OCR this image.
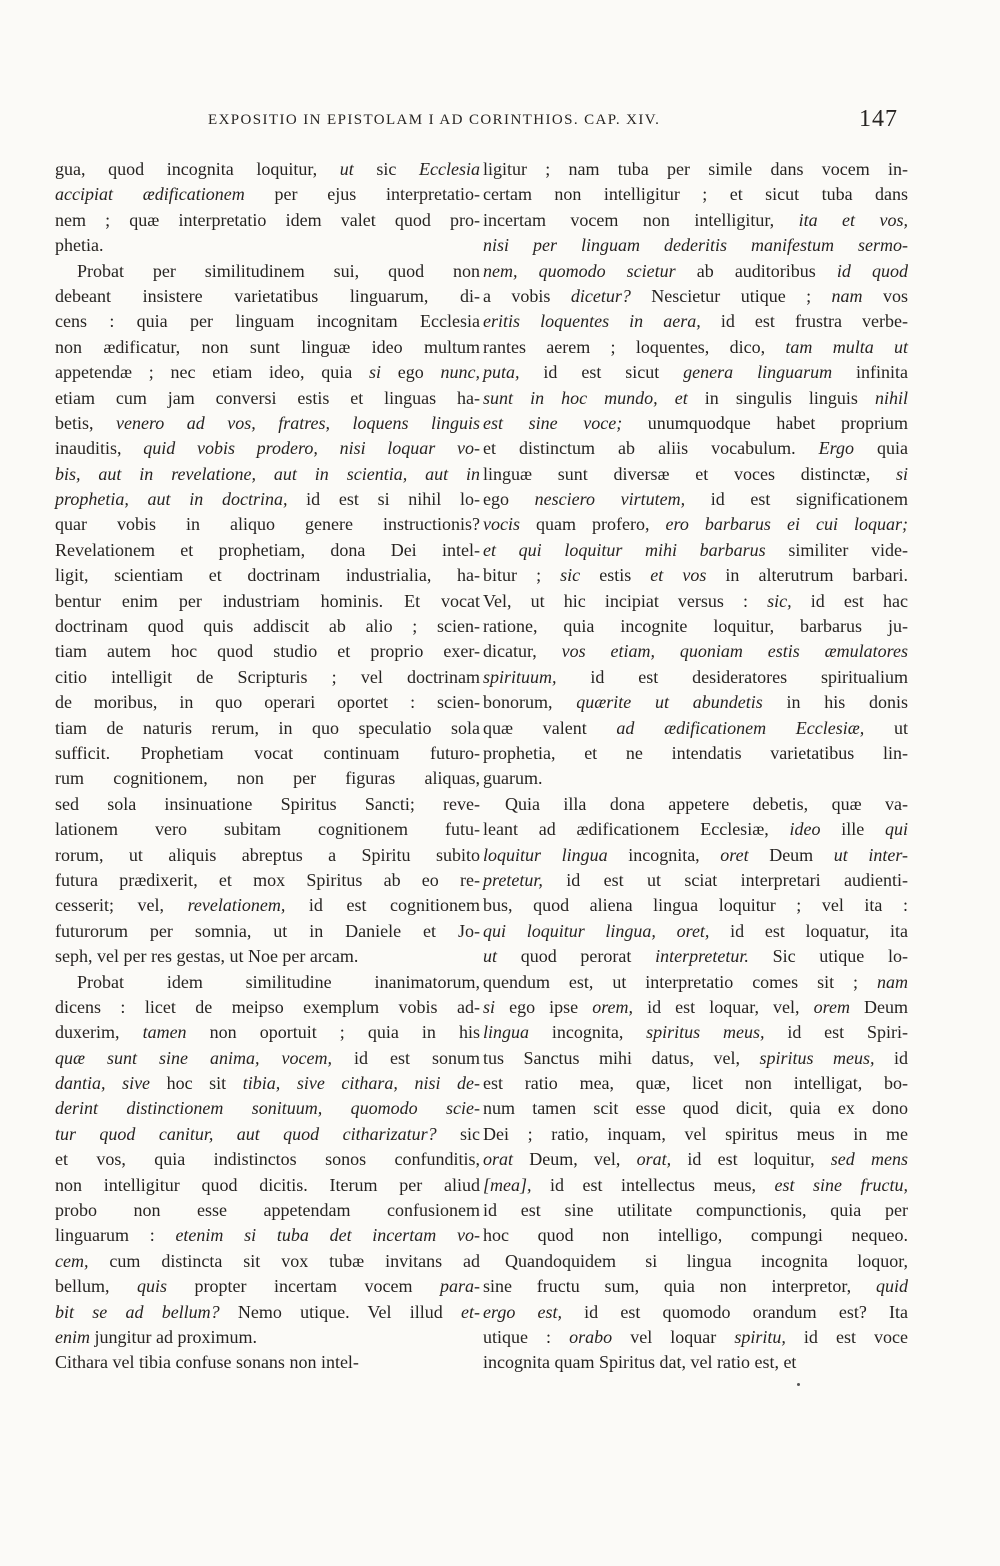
EXPOSITIO IN EPISTOLAM I AD CORINTHIOS. CAP. XIV.	147
gua, quod incognita loquitur, ut sic Ecclesia
accipiat ædificationem per ejus interpretatio-
nem ; quæ interpretatio idem valet quod pro-
phetia.
Probat per similitudinem sui, quod non
debeant insistere varietatibus linguarum, di-
cens : quia per linguam incognitam Ecclesia
non ædificatur, non sunt linguæ ideo multum
appetendæ ; nec etiam ideo, quia si ego nunc,
etiam cum jam conversi estis et linguas ha-
betis, venero ad vos, fratres, loquens linguis
inauditis, quid vobis prodero, nisi loquar vo-
bis, aut in revelatione, aut in scientia, aut in
prophetia, aut in doctrina, id est si nihil lo-
quar vobis in aliquo genere instructionis?
Revelationem et prophetiam, dona Dei intel-
ligit, scientiam et doctrinam industrialia, ha-
bentur enim per industriam hominis. Et vocat
doctrinam quod quis addiscit ab alio ; scien-
tiam autem hoc quod studio et proprio exer-
citio intelligit de Scripturis ; vel doctrinam
de moribus, in quo operari oportet : scien-
tiam de naturis rerum, in quo speculatio sola
sufficit. Prophetiam vocat continuam futuro-
rum cognitionem, non per figuras aliquas,
sed sola insinuatione Spiritus Sancti; reve-
lationem vero subitam cognitionem futu-
rorum, ut aliquis abreptus a Spiritu subito
futura prædixerit, et mox Spiritus ab eo re-
cesserit; vel, revelationem, id est cognitionem
futurorum per somnia, ut in Daniele et Jo-
seph, vel per res gestas, ut Noe per arcam.
Probat idem similitudine inanimatorum,
dicens : licet de meipso exemplum vobis ad-
duxerim, tamen non oportuit ; quia in his
quæ sunt sine anima, vocem, id est sonum
dantia, sive hoc sit tibia, sive cithara, nisi de-
derint distinctionem sonituum, quomodo scie-
tur quod canitur, aut quod citharizatur? sic
et vos, quia indistinctos sonos confunditis,
non intelligitur quod dicitis. Iterum per aliud
probo non esse appetendam confusionem
linguarum : etenim si tuba det incertam vo-
cem, cum distincta sit vox tubæ invitans ad
bellum, quis propter incertam vocem para-
bit se ad bellum? Nemo utique. Vel illud et-
enim jungitur ad proximum.
Cithara vel tibia confuse sonans non intel-
ligitur ; nam tuba per simile dans vocem in-
certam non intelligitur ; et sicut tuba dans
incertam vocem non intelligitur, ita et vos,
nisi per linguam dederitis manifestum sermo-
nem, quomodo scietur ab auditoribus id quod
a vobis dicetur? Nescietur utique ; nam vos
eritis loquentes in aera, id est frustra verbe-
rantes aerem ; loquentes, dico, tam multa ut
puta, id est sicut genera linguarum infinita
sunt in hoc mundo, et in singulis linguis nihil
est sine voce; unumquodque habet proprium
et distinctum ab aliis vocabulum. Ergo quia
linguæ sunt diversæ et voces distinctæ, si
ego nesciero virtutem, id est significationem
vocis quam profero, ero barbarus ei cui loquar;
et qui loquitur mihi barbarus similiter vide-
bitur ; sic estis et vos in alterutrum barbari.
Vel, ut hic incipiat versus : sic, id est hac
ratione, quia incognite loquitur, barbarus ju-
dicatur, vos etiam, quoniam estis æmulatores
spirituum, id est desideratores spiritualium
bonorum, quærite ut abundetis in his donis
quæ valent ad ædificationem Ecclesiæ, ut
prophetia, et ne intendatis varietatibus lin-
guarum.
Quia illa dona appetere debetis, quæ va-
leant ad ædificationem Ecclesiæ, ideo ille qui
loquitur lingua incognita, oret Deum ut inter-
pretetur, id est ut sciat interpretari audienti-
bus, quod aliena lingua loquitur ; vel ita :
qui loquitur lingua, oret, id est loquatur, ita
ut quod perorat interpretetur. Sic utique lo-
quendum est, ut interpretatio comes sit ; nam
si ego ipse orem, id est loquar, vel, orem Deum
lingua incognita, spiritus meus, id est Spiri-
tus Sanctus mihi datus, vel, spiritus meus, id
est ratio mea, quæ, licet non intelligat, bo-
num tamen scit esse quod dicit, quia ex dono
Dei ; ratio, inquam, vel spiritus meus in me
orat Deum, vel, orat, id est loquitur, sed mens
[mea], id est intellectus meus, est sine fructu,
id est sine utilitate compunctionis, quia per
hoc quod non intelligo, compungi nequeo.
Quandoquidem si lingua incognita loquor,
sine fructu sum, quia non interpretor, quid
ergo est, id est quomodo orandum est? Ita
utique : orabo vel loquar spiritu, id est voce
incognita quam Spiritus dat, vel ratio est, et
